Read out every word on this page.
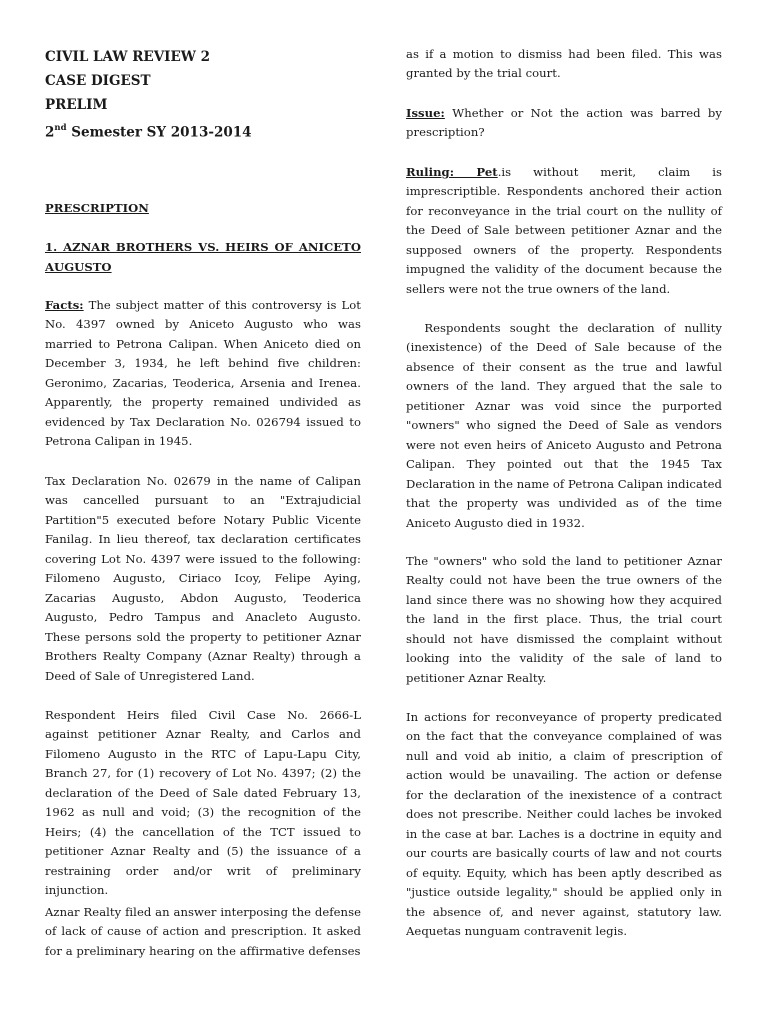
CIVIL LAW REVIEW 2
CASE DIGEST
PRELIM
2nd Semester SY 2013-2014
PRESCRIPTION
1. AZNAR BROTHERS VS. HEIRS OF ANICETO AUGUSTO
Facts: The subject matter of this controversy is Lot No. 4397 owned by Aniceto Augusto who was married to Petrona Calipan. When Aniceto died on December 3, 1934, he left behind five children: Geronimo, Zacarias, Teoderica, Arsenia and Irenea. Apparently, the property remained undivided as evidenced by Tax Declaration No. 026794 issued to Petrona Calipan in 1945.
Tax Declaration No. 02679 in the name of Calipan was cancelled pursuant to an "Extrajudicial Partition"5 executed before Notary Public Vicente Fanilag. In lieu thereof, tax declaration certificates covering Lot No. 4397 were issued to the following: Filomeno Augusto, Ciriaco Icoy, Felipe Aying, Zacarias Augusto, Abdon Augusto, Teoderica Augusto, Pedro Tampus and Anacleto Augusto. These persons sold the property to petitioner Aznar Brothers Realty Company (Aznar Realty) through a Deed of Sale of Unregistered Land.
Respondent Heirs filed Civil Case No. 2666-L against petitioner Aznar Realty, and Carlos and Filomeno Augusto in the RTC of Lapu-Lapu City, Branch 27, for (1) recovery of Lot No. 4397; (2) the declaration of the Deed of Sale dated February 13, 1962 as null and void; (3) the recognition of the Heirs; (4) the cancellation of the TCT issued to petitioner Aznar Realty and (5) the issuance of a restraining order and/or writ of preliminary injunction.
Aznar Realty filed an answer interposing the defense of lack of cause of action and prescription. It asked for a preliminary hearing on the affirmative defenses
as if a motion to dismiss had been filed. This was granted by the trial court.
Issue: Whether or Not the action was barred by prescription?
Ruling: Pet.is without merit, claim is imprescriptible. Respondents anchored their action for reconveyance in the trial court on the nullity of the Deed of Sale between petitioner Aznar and the supposed owners of the property. Respondents impugned the validity of the document because the sellers were not the true owners of the land.
Respondents sought the declaration of nullity (inexistence) of the Deed of Sale because of the absence of their consent as the true and lawful owners of the land. They argued that the sale to petitioner Aznar was void since the purported "owners" who signed the Deed of Sale as vendors were not even heirs of Aniceto Augusto and Petrona Calipan. They pointed out that the 1945 Tax Declaration in the name of Petrona Calipan indicated that the property was undivided as of the time Aniceto Augusto died in 1932.
The "owners" who sold the land to petitioner Aznar Realty could not have been the true owners of the land since there was no showing how they acquired the land in the first place. Thus, the trial court should not have dismissed the complaint without looking into the validity of the sale of land to petitioner Aznar Realty.
In actions for reconveyance of property predicated on the fact that the conveyance complained of was null and void ab initio, a claim of prescription of action would be unavailing. The action or defense for the declaration of the inexistence of a contract does not prescribe. Neither could laches be invoked in the case at bar. Laches is a doctrine in equity and our courts are basically courts of law and not courts of equity. Equity, which has been aptly described as "justice outside legality," should be applied only in the absence of, and never against, statutory law. Aequetas nunguam contravenit legis.
